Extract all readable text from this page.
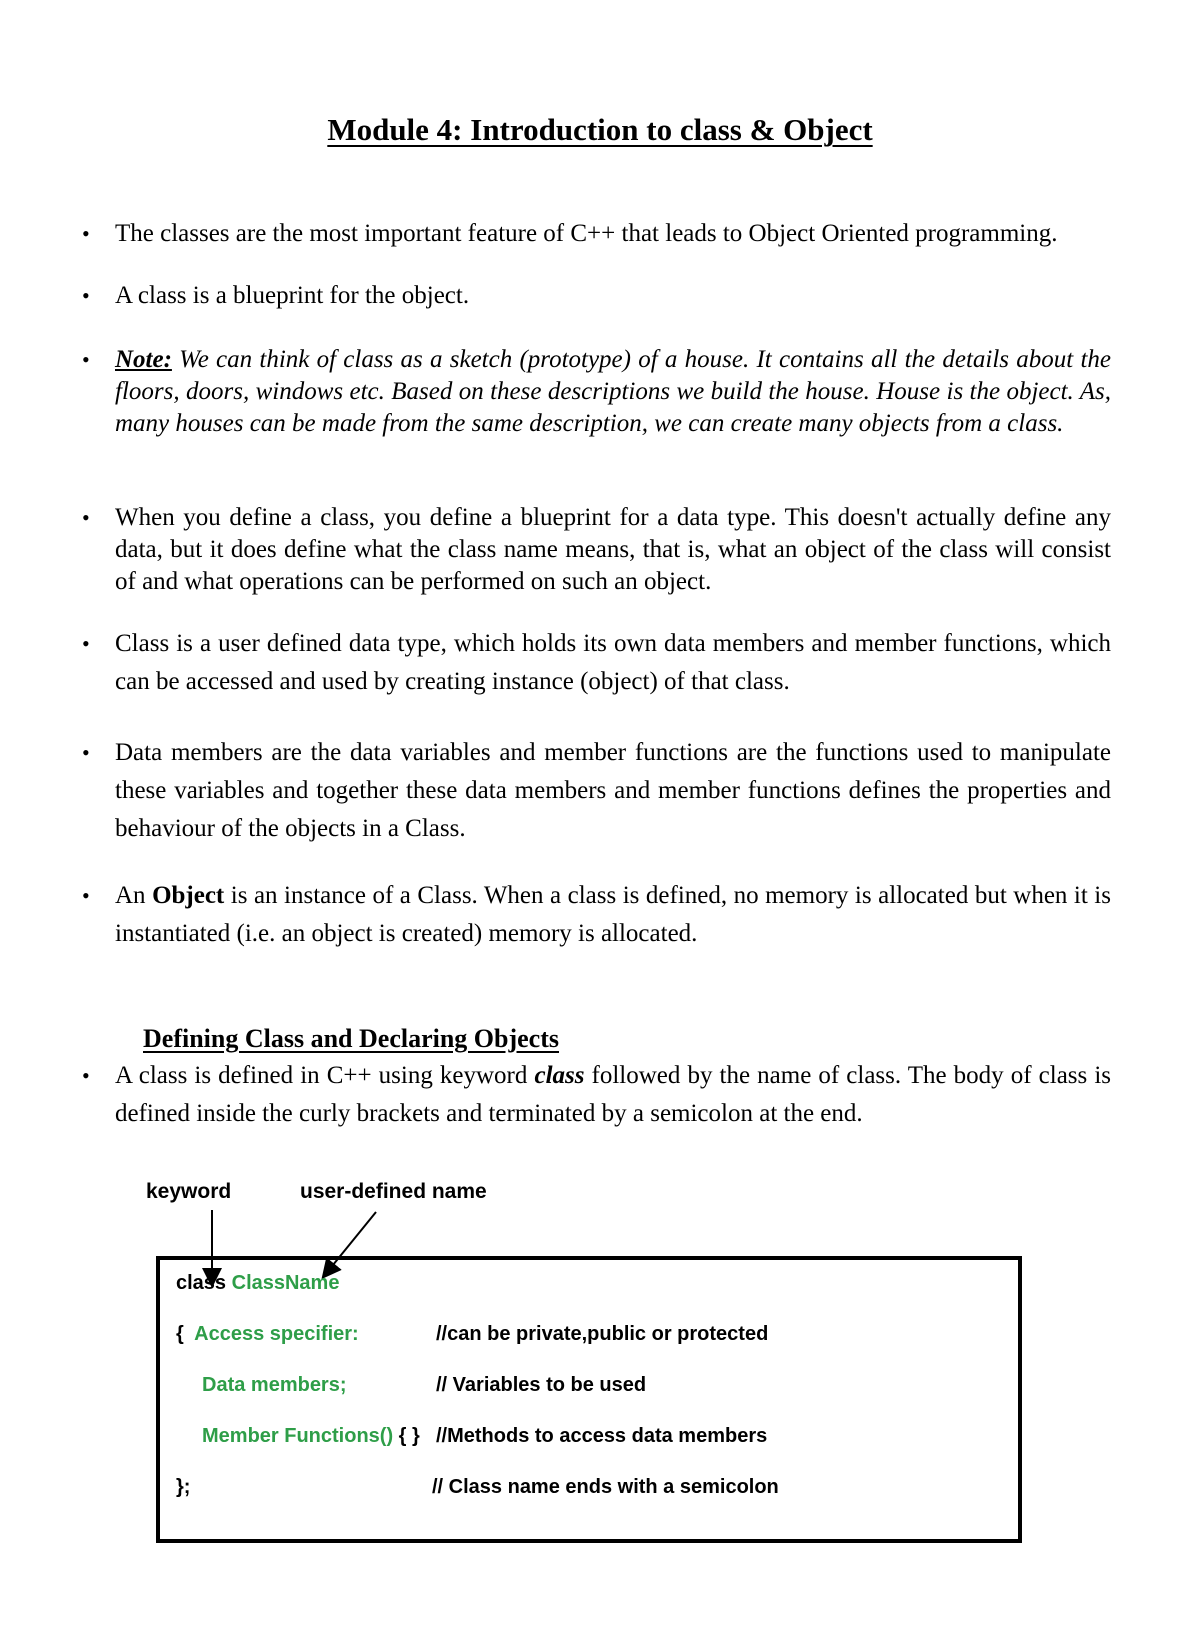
Module 4: Introduction to class & Object
• The classes are the most important feature of C++ that leads to Object Oriented programming.
• A class is a blueprint for the object.
• Note: We can think of class as a sketch (prototype) of a house. It contains all the details about the floors, doors, windows etc. Based on these descriptions we build the house. House is the object. As, many houses can be made from the same description, we can create many objects from a class.
• When you define a class, you define a blueprint for a data type. This doesn't actually define any data, but it does define what the class name means, that is, what an object of the class will consist of and what operations can be performed on such an object.
• Class is a user defined data type, which holds its own data members and member functions, which can be accessed and used by creating instance (object) of that class.
• Data members are the data variables and member functions are the functions used to manipulate these variables and together these data members and member functions defines the properties and behaviour of the objects in a Class.
• An Object is an instance of a Class. When a class is defined, no memory is allocated but when it is instantiated (i.e. an object is created) memory is allocated.
Defining Class and Declaring Objects
• A class is defined in C++ using keyword class followed by the name of class. The body of class is defined inside the curly brackets and terminated by a semicolon at the end.
keyword	user-defined name
class ClassName
{  Access specifier:	//can be private,public or protected
Data members;	// Variables to be used
Member Functions() { } //Methods to access data members
};	// Class name ends with a semicolon
